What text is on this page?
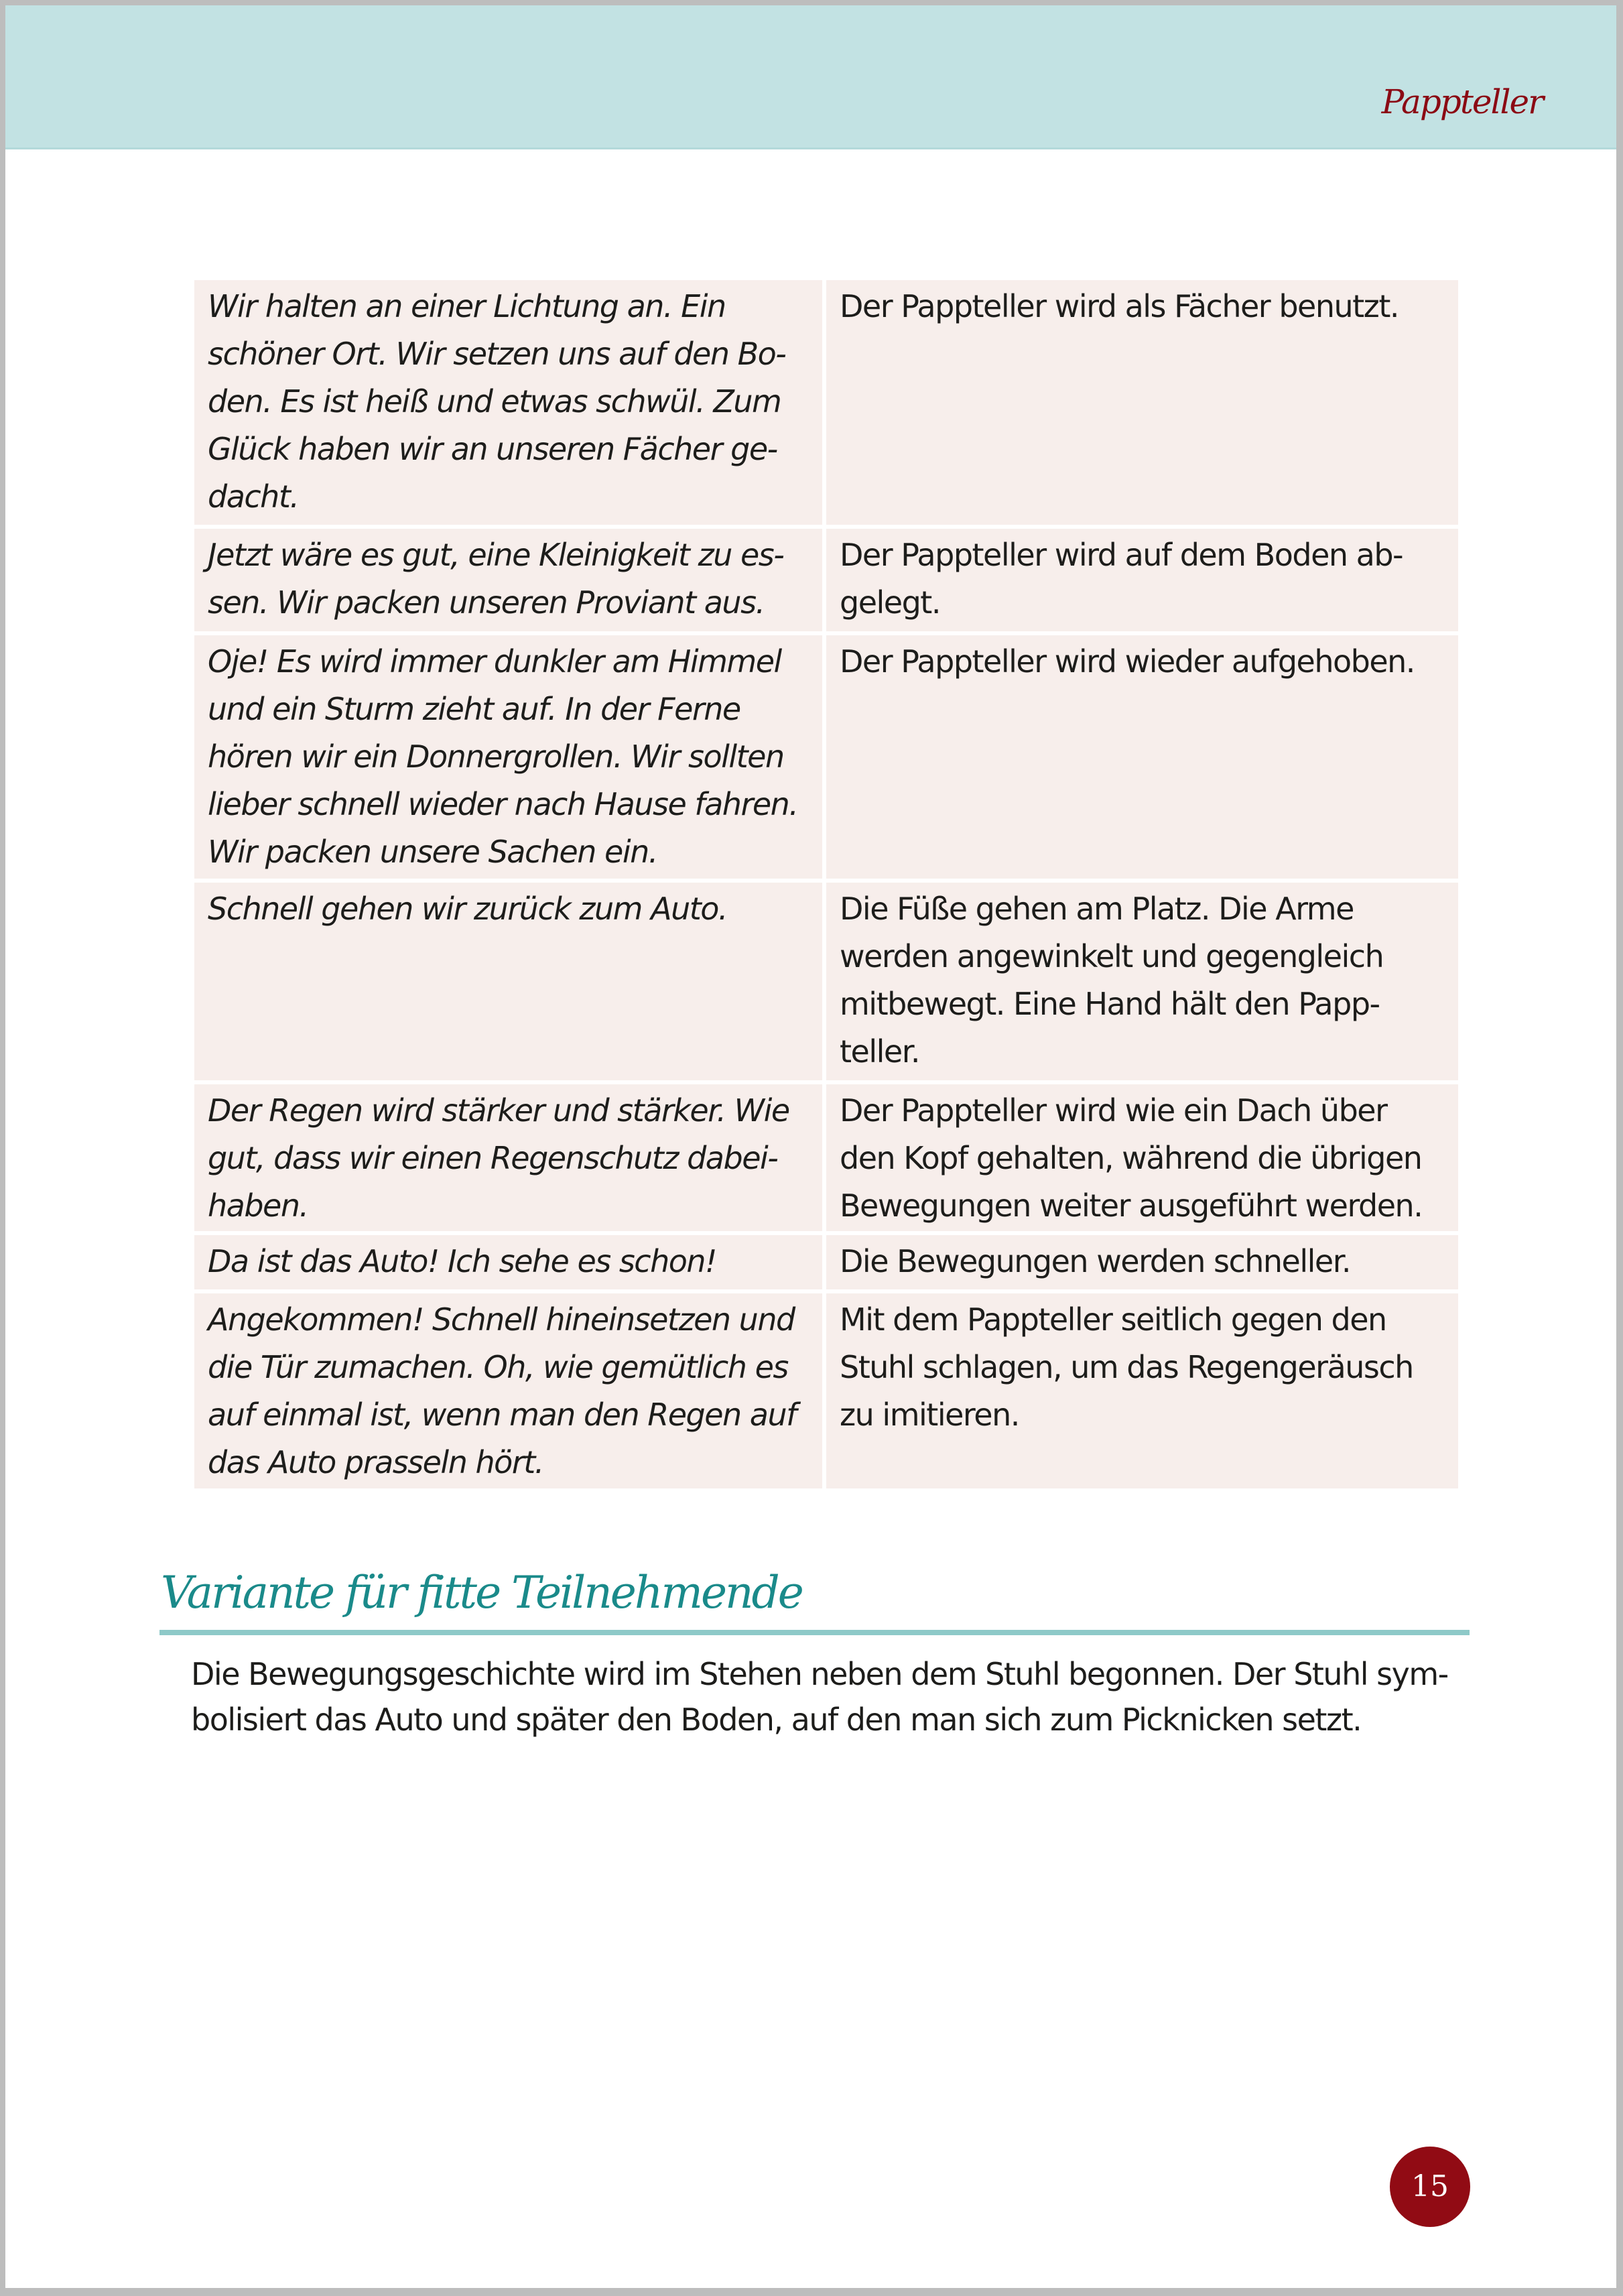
Pappteller
Wir halten an einer Lichtung an. Ein schöner Ort. Wir setzen uns auf den Bo-den. Es ist heiß und etwas schwül. Zum Glück haben wir an unseren Fächer ge-dacht.	Der Pappteller wird als Fächer benutzt.
Jetzt wäre es gut, eine Kleinigkeit zu es-sen. Wir packen unseren Proviant aus.	Der Pappteller wird auf dem Boden ab-gelegt.
Oje! Es wird immer dunkler am Himmel und ein Sturm zieht auf. In der Ferne hören wir ein Donnergrollen. Wir sollten lieber schnell wieder nach Hause fahren. Wir packen unsere Sachen ein.	Der Pappteller wird wieder aufgehoben.
Schnell gehen wir zurück zum Auto.	Die Füße gehen am Platz. Die Arme werden angewinkelt und gegengleich mitbewegt. Eine Hand hält den Papp-teller.
Der Regen wird stärker und stärker. Wie gut, dass wir einen Regenschutz dabei-haben.	Der Pappteller wird wie ein Dach über den Kopf gehalten, während die übrigen Bewegungen weiter ausgeführt werden.
Da ist das Auto! Ich sehe es schon!	Die Bewegungen werden schneller.
Angekommen! Schnell hineinsetzen und die Tür zumachen. Oh, wie gemütlich es auf einmal ist, wenn man den Regen auf das Auto prasseln hört.	Mit dem Pappteller seitlich gegen den Stuhl schlagen, um das Regengeräusch zu imitieren.
Variante für fitte Teilnehmende
Die Bewegungsgeschichte wird im Stehen neben dem Stuhl begonnen. Der Stuhl sym-bolisiert das Auto und später den Boden, auf den man sich zum Picknicken setzt.
15
